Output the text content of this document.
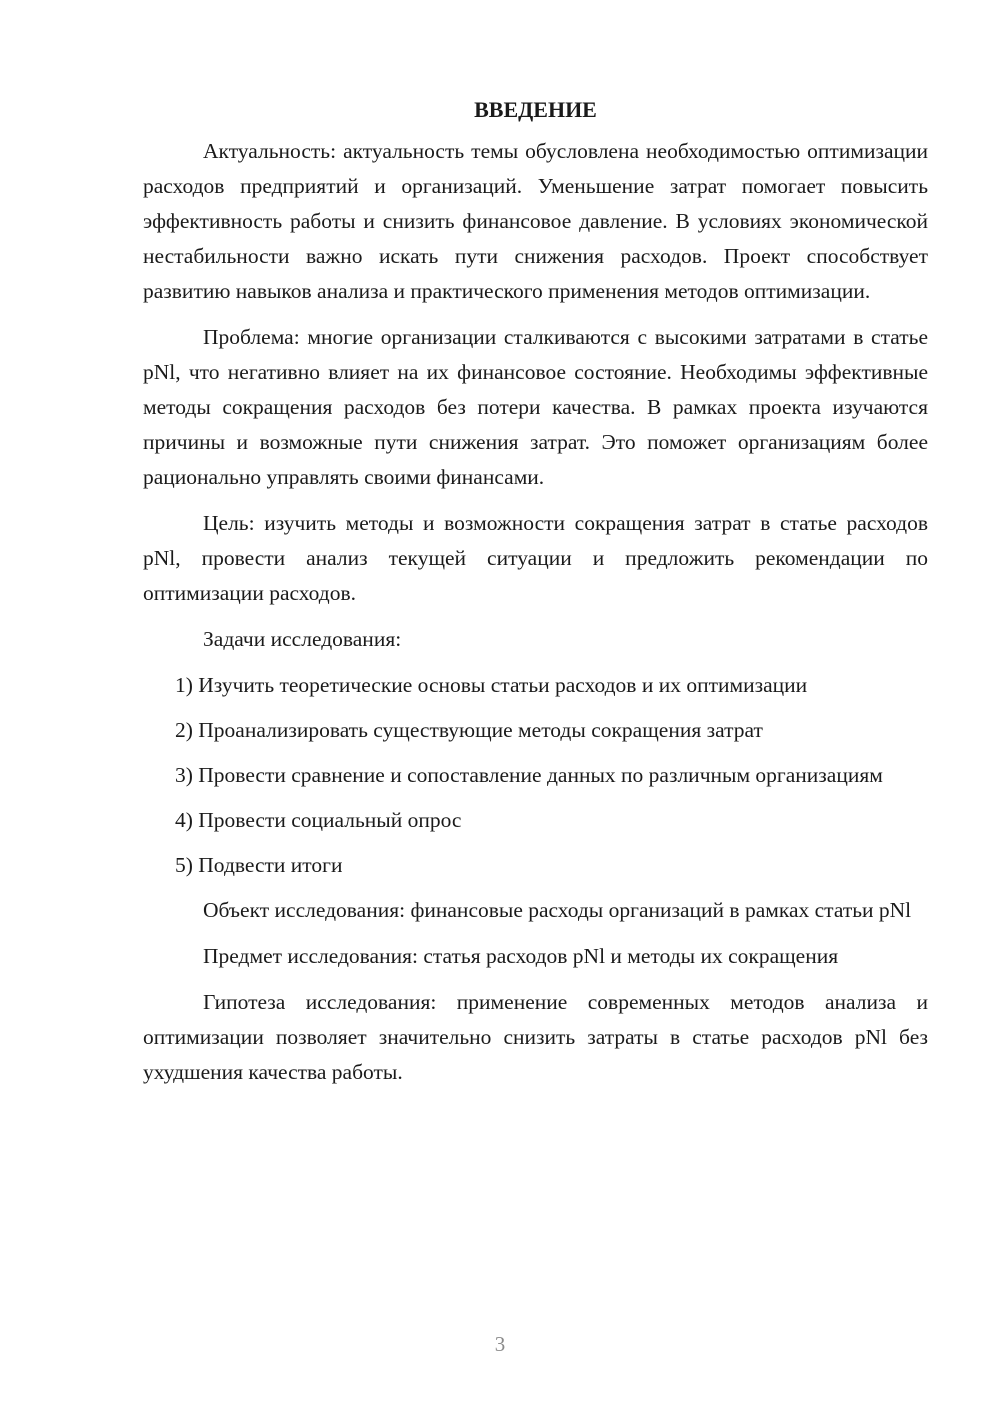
ВВЕДЕНИЕ

Актуальность: актуальность темы обусловлена необходимостью оптимизации расходов предприятий и организаций. Уменьшение затрат помогает повысить эффективность работы и снизить финансовое давление. В условиях экономической нестабильности важно искать пути снижения расходов. Проект способствует развитию навыков анализа и практического применения методов оптимизации.

Проблема: многие организации сталкиваются с высокими затратами в статье pNl, что негативно влияет на их финансовое состояние. Необходимы эффективные методы сокращения расходов без потери качества. В рамках проекта изучаются причины и возможные пути снижения затрат. Это поможет организациям более рационально управлять своими финансами.

Цель: изучить методы и возможности сокращения затрат в статье расходов pNl, провести анализ текущей ситуации и предложить рекомендации по оптимизации расходов.

Задачи исследования:

1) Изучить теоретические основы статьи расходов и их оптимизации

2) Проанализировать существующие методы сокращения затрат

3) Провести сравнение и сопоставление данных по различным организациям

4) Провести социальный опрос

5) Подвести итоги

Объект исследования: финансовые расходы организаций в рамках статьи pNl

Предмет исследования: статья расходов pNl и методы их сокращения

Гипотеза исследования: применение современных методов анализа и оптимизации позволяет значительно снизить затраты в статье расходов pNl без ухудшения качества работы.

3
